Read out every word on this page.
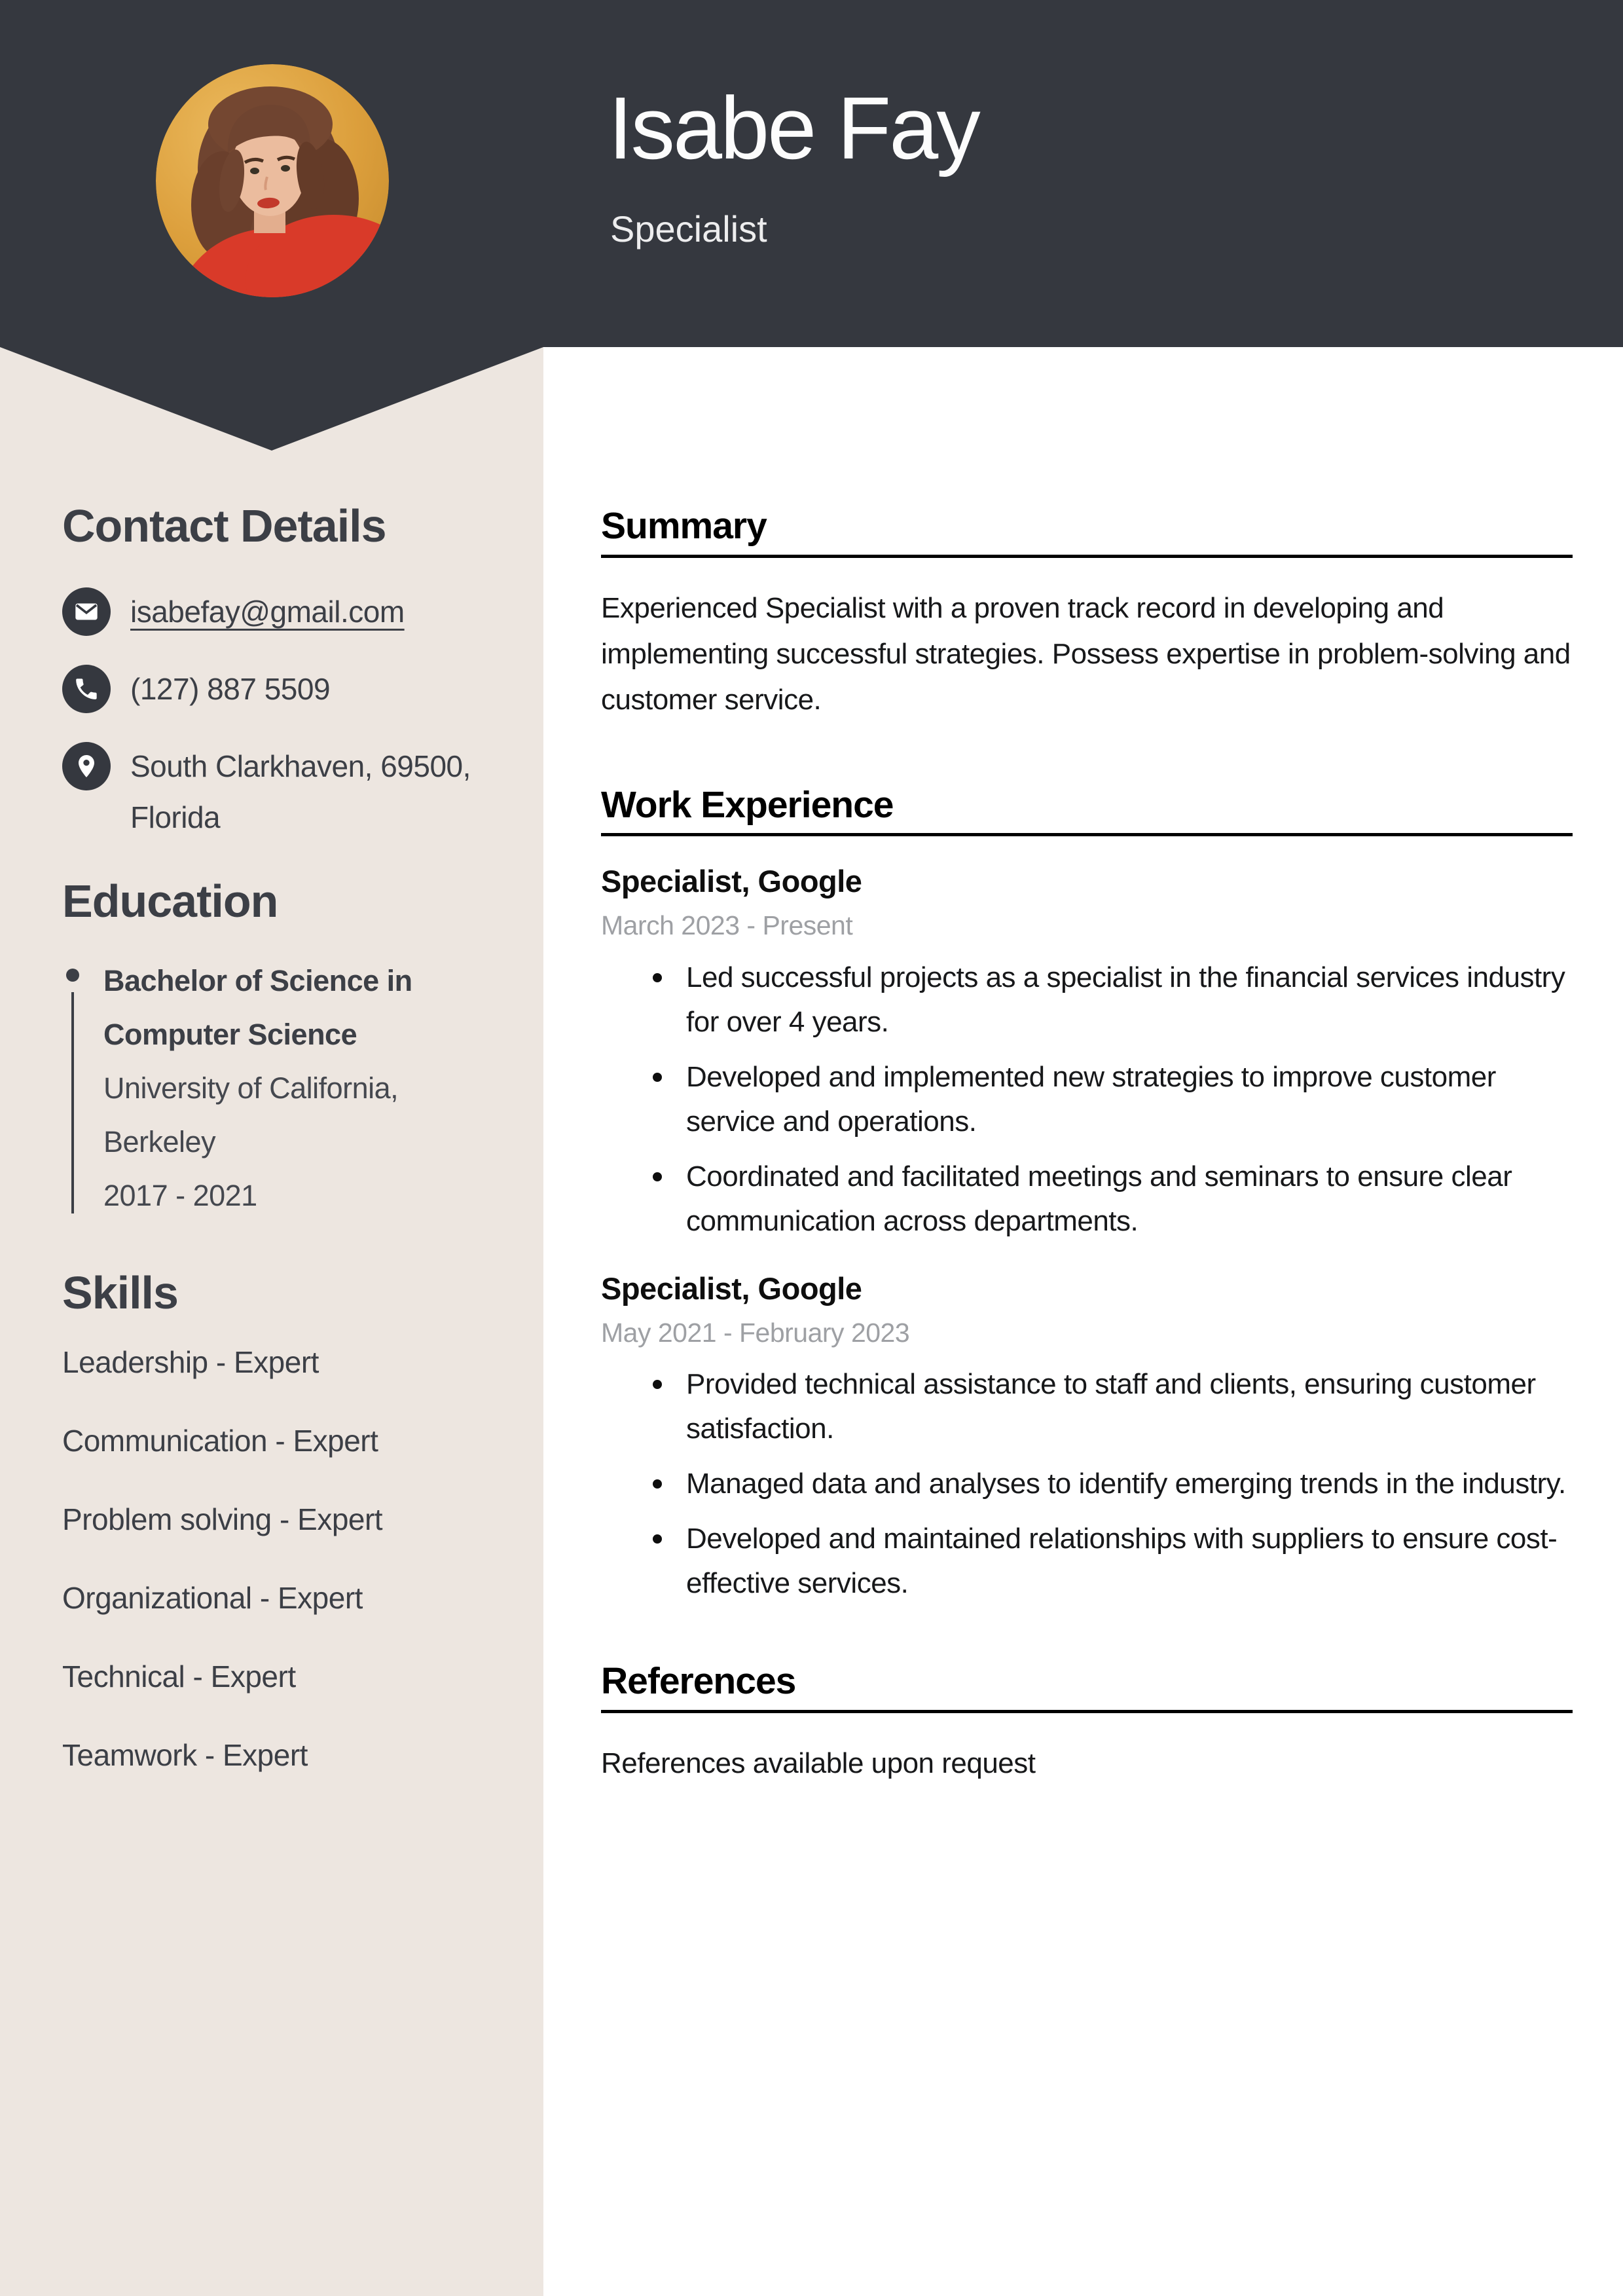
Isabe Fay
Specialist
Contact Details
isabefay@gmail.com
(127) 887 5509
South Clarkhaven, 69500, Florida
Education
Bachelor of Science in Computer Science
University of California, Berkeley
2017 - 2021
Skills
Leadership - Expert
Communication - Expert
Problem solving - Expert
Organizational - Expert
Technical - Expert
Teamwork - Expert
Summary

Experienced Specialist with a proven track record in developing and implementing successful strategies. Possess expertise in problem-solving and customer service.

Work Experience
Specialist, Google
March 2023 - Present
Led successful projects as a specialist in the financial services industry for over 4 years.
Developed and implemented new strategies to improve customer service and operations.
Coordinated and facilitated meetings and seminars to ensure clear communication across departments.
Specialist, Google
May 2021 - February 2023
Provided technical assistance to staff and clients, ensuring customer satisfaction.
Managed data and analyses to identify emerging trends in the industry.
Developed and maintained relationships with suppliers to ensure cost-effective services.
References

References available upon request
